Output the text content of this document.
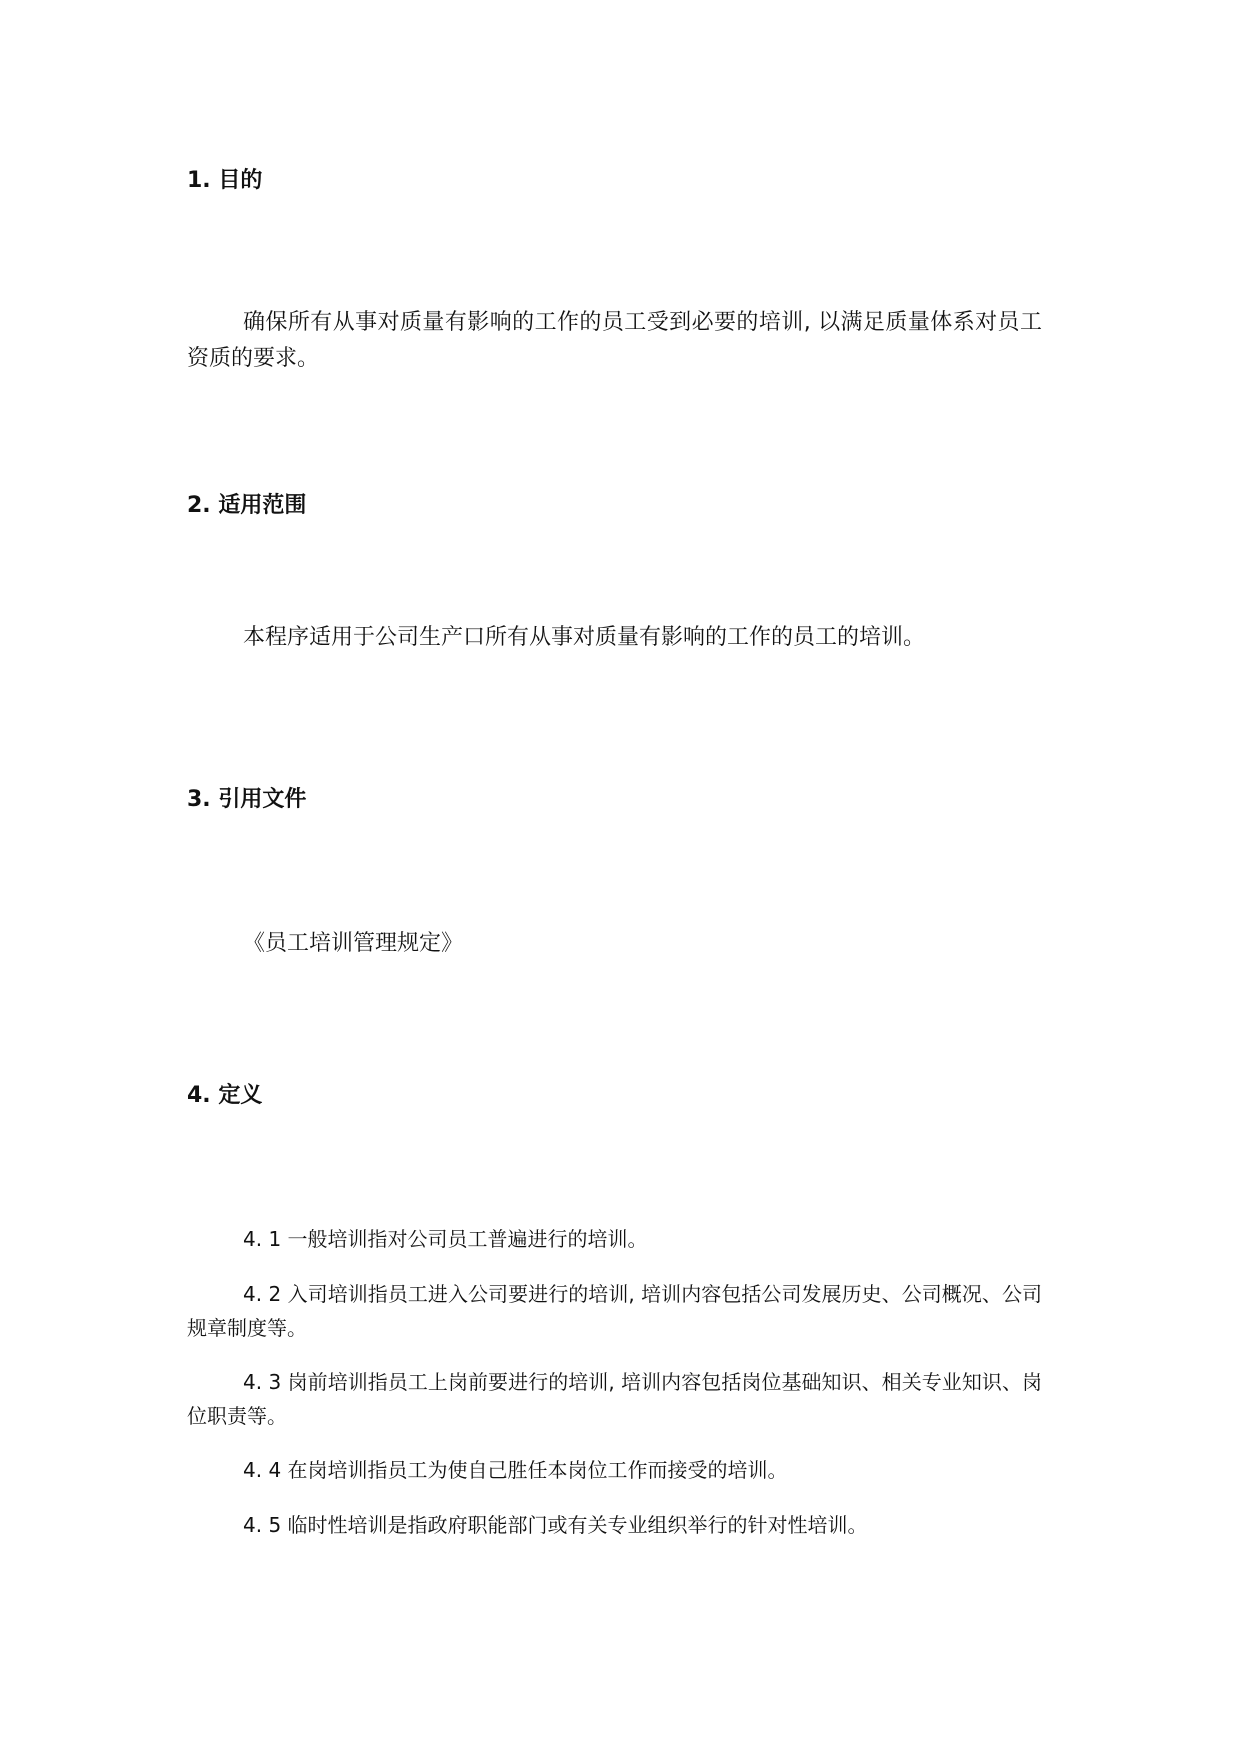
1. 目的

确保所有从事对质量有影响的工作的员工受到必要的培训, 以满足质量体系对员工资质的要求。

2. 适用范围

本程序适用于公司生产口所有从事对质量有影响的工作的员工的培训。

3. 引用文件

《员工培训管理规定》

4. 定义

4. 1 一般培训指对公司员工普遍进行的培训。

4. 2 入司培训指员工进入公司要进行的培训, 培训内容包括公司发展历史、公司概况、公司规章制度等。

4. 3 岗前培训指员工上岗前要进行的培训, 培训内容包括岗位基础知识、相关专业知识、岗位职责等。

4. 4 在岗培训指员工为使自己胜任本岗位工作而接受的培训。

4. 5 临时性培训是指政府职能部门或有关专业组织举行的针对性培训。
